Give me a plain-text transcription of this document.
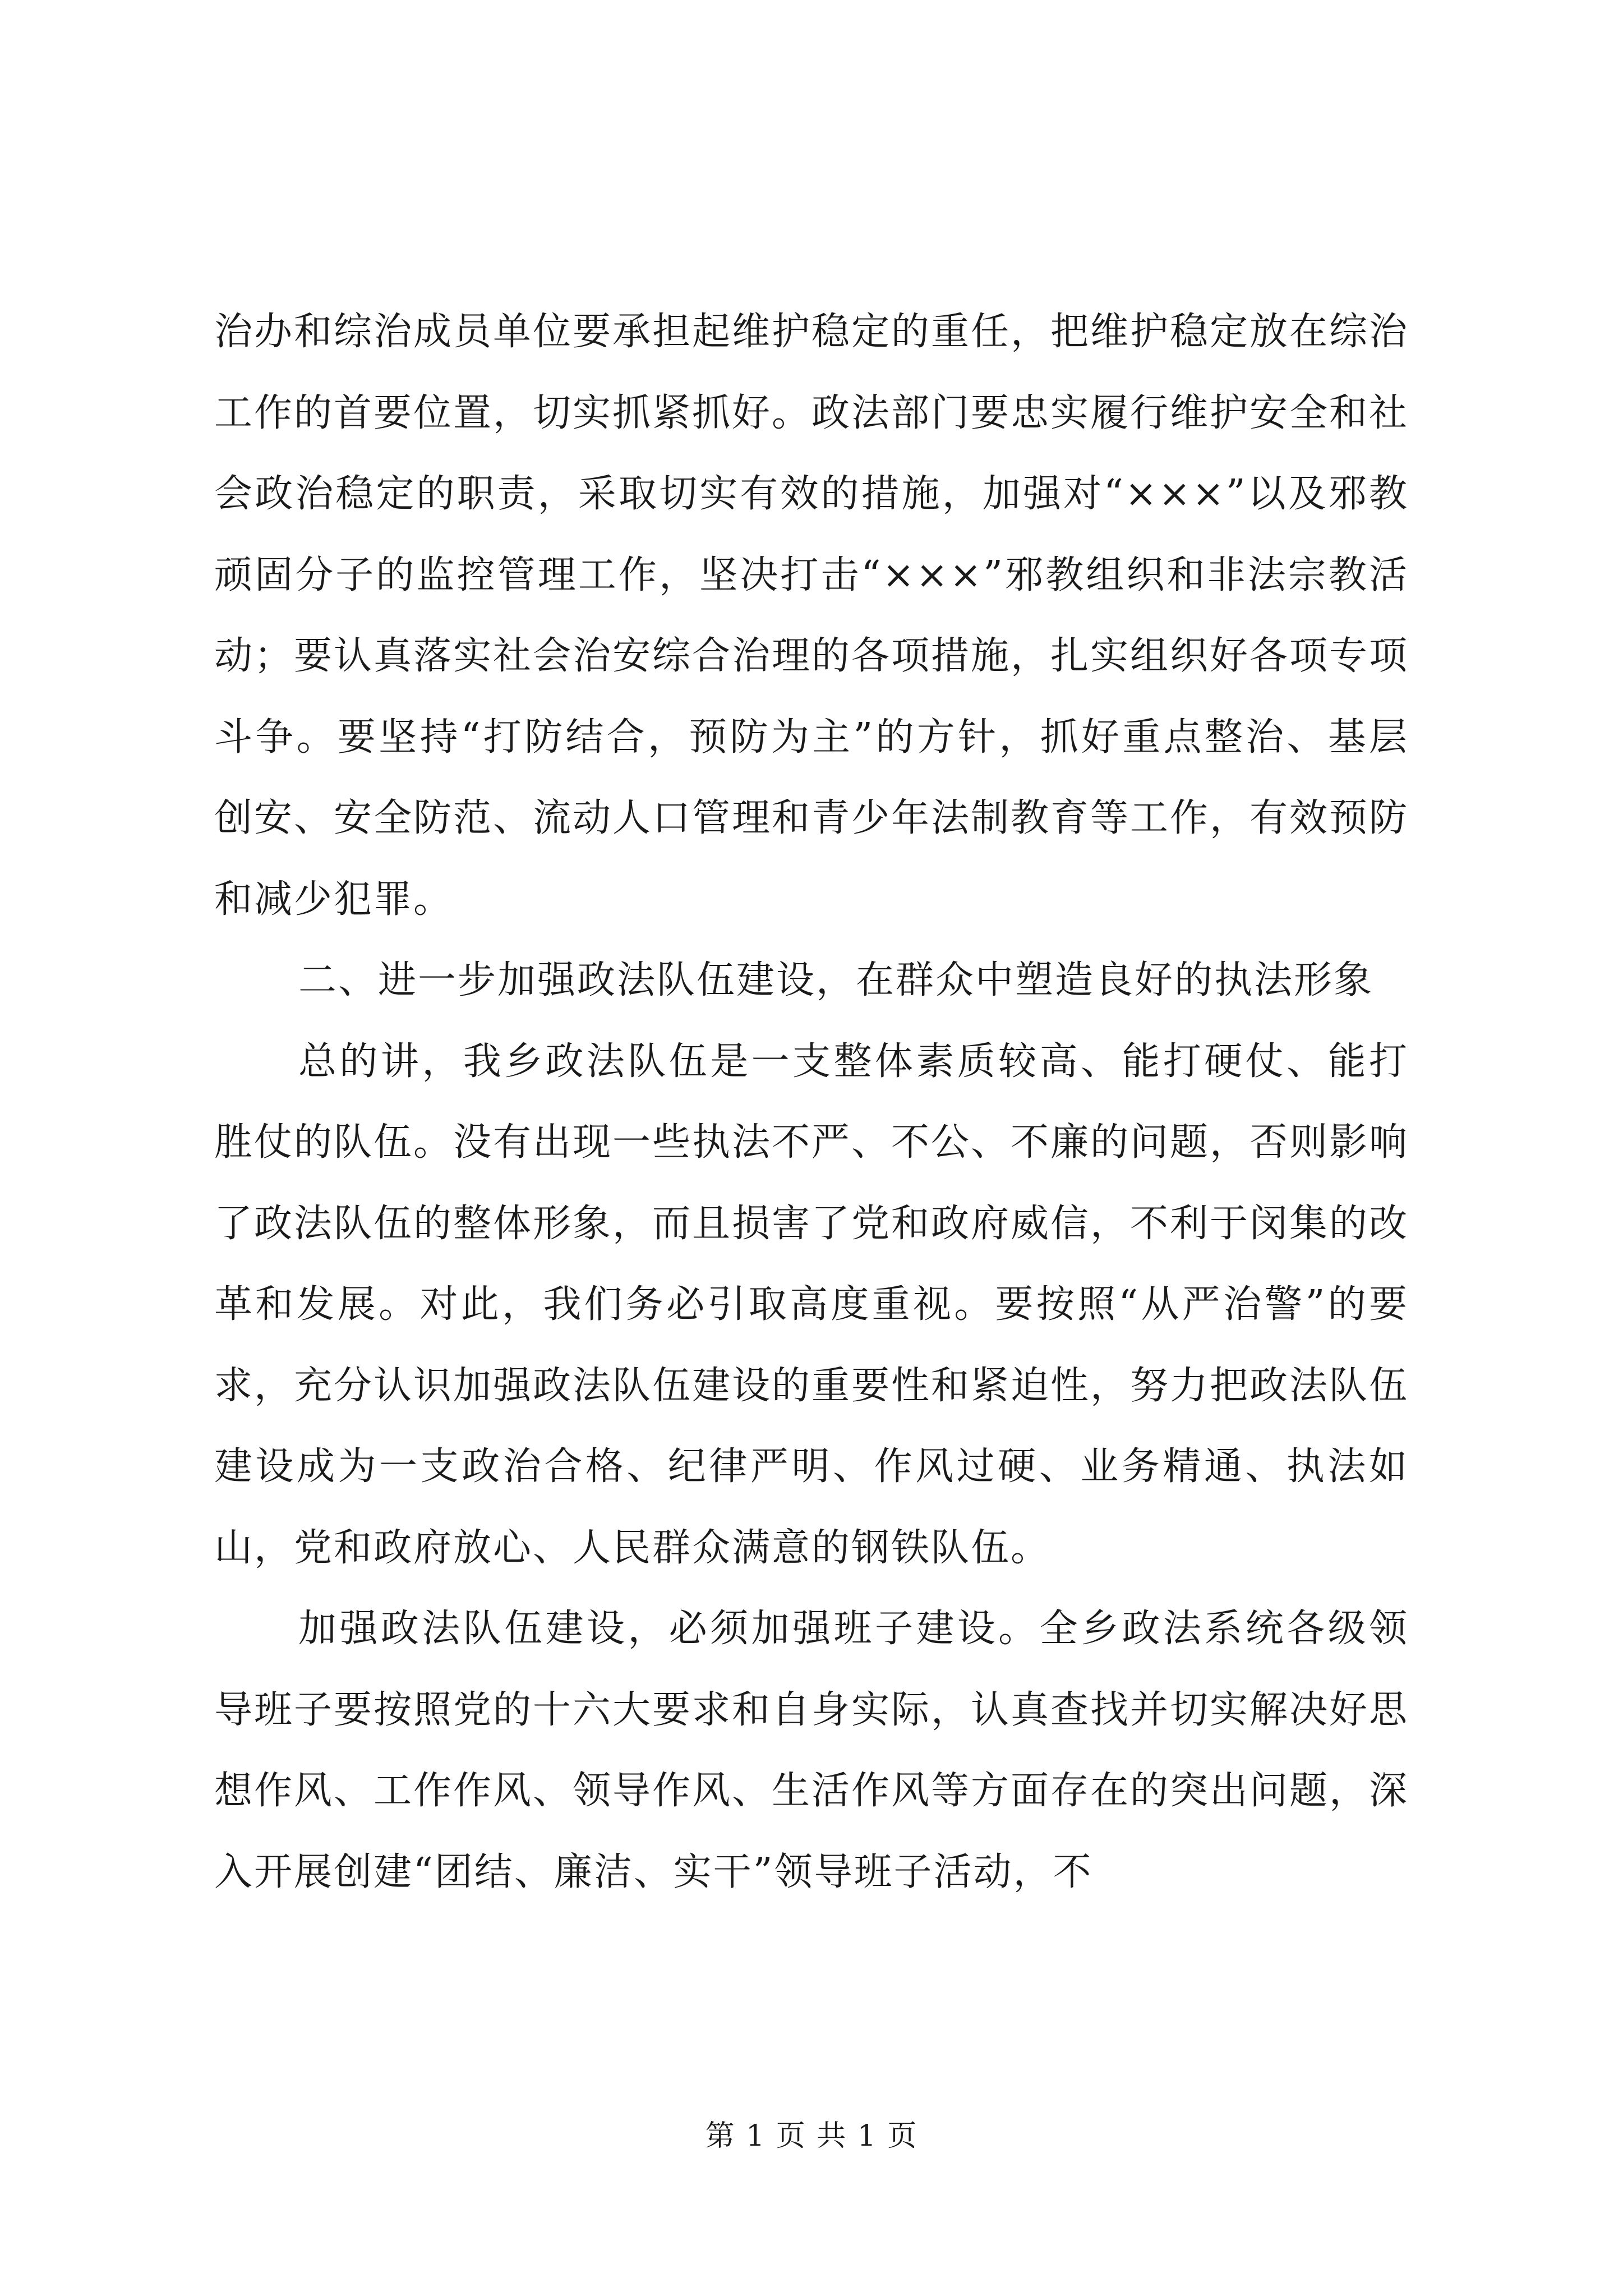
治办和综治成员单位要承担起维护稳定的重任，把维护稳定放在综治工作的首要位置，切实抓紧抓好。政法部门要忠实履行维护安全和社会政治稳定的职责，采取切实有效的措施，加强对“×××”以及邪教顽固分子的监控管理工作，坚决打击“×××”邪教组织和非法宗教活动；要认真落实社会治安综合治理的各项措施，扎实组织好各项专项斗争。要坚持“打防结合，预防为主”的方针，抓好重点整治、基层创安、安全防范、流动人口管理和青少年法制教育等工作，有效预防和减少犯罪。

二、进一步加强政法队伍建设，在群众中塑造良好的执法形象

总的讲，我乡政法队伍是一支整体素质较高、能打硬仗、能打胜仗的队伍。没有出现一些执法不严、不公、不廉的问题，否则影响了政法队伍的整体形象，而且损害了党和政府威信，不利于闵集的改革和发展。对此，我们务必引取高度重视。要按照“从严治警”的要求，充分认识加强政法队伍建设的重要性和紧迫性，努力把政法队伍建设成为一支政治合格、纪律严明、作风过硬、业务精通、执法如山，党和政府放心、人民群众满意的钢铁队伍。

加强政法队伍建设，必须加强班子建设。全乡政法系统各级领导班子要按照党的十六大要求和自身实际，认真查找并切实解决好思想作风、工作作风、领导作风、生活作风等方面存在的突出问题，深入开展创建“团结、廉洁、实干”领导班子活动，不

第 1 页 共 1 页
